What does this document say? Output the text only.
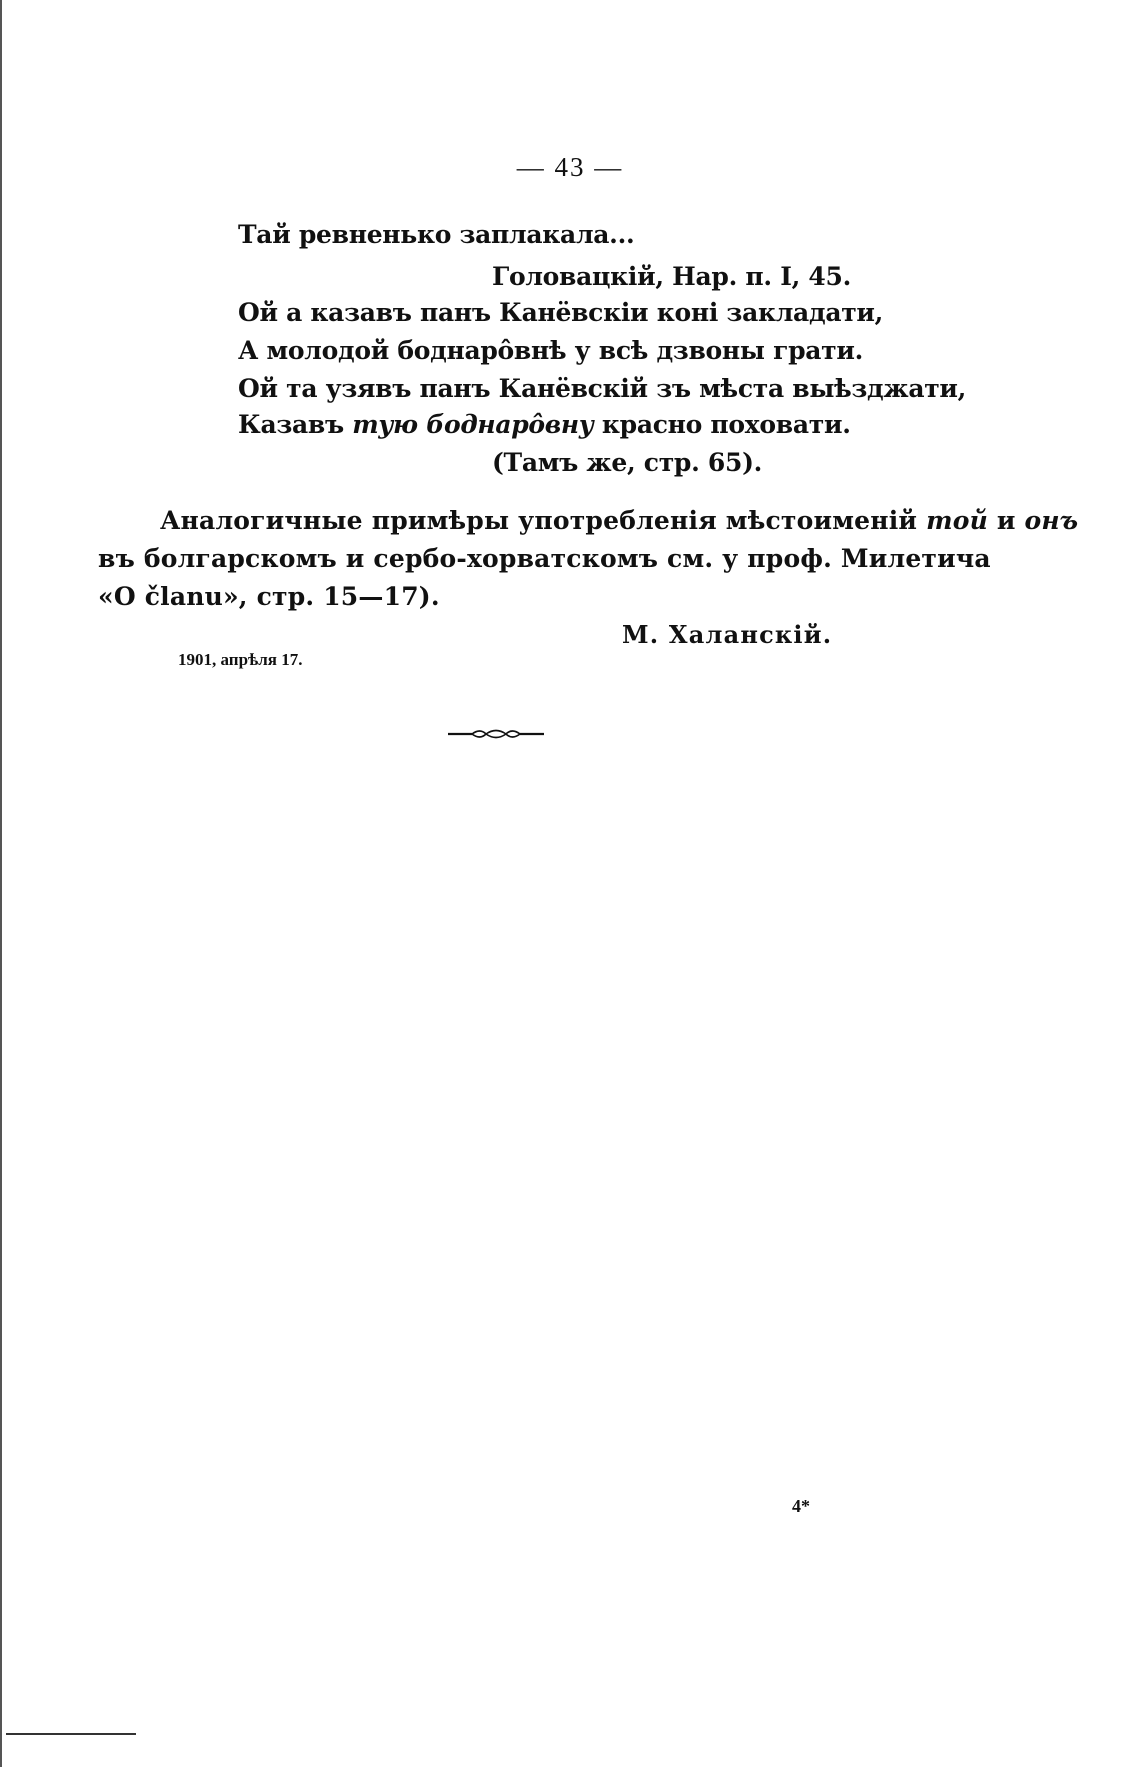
— 43 —
Тай ревненько заплакала...
Головацкій, Нар. п. I, 45.
Ой а казавъ панъ Канёвскіи коні закладати,
А молодой боднарôвнѣ у всѣ дзвоны грати.
Ой та узявъ панъ Канёвскій зъ мѣста выѣзджати,
Казавъ тую боднарôвну красно поховати.
(Тамъ же, стр. 65).
Аналогичные примѣры употребленія мѣстоименій той и онъ
въ болгарскомъ и сербо-хорватскомъ см. у проф. Милетича
«O članu», стр. 15—17).
М. Халанскій.
1901, апрѣля 17.
4*
